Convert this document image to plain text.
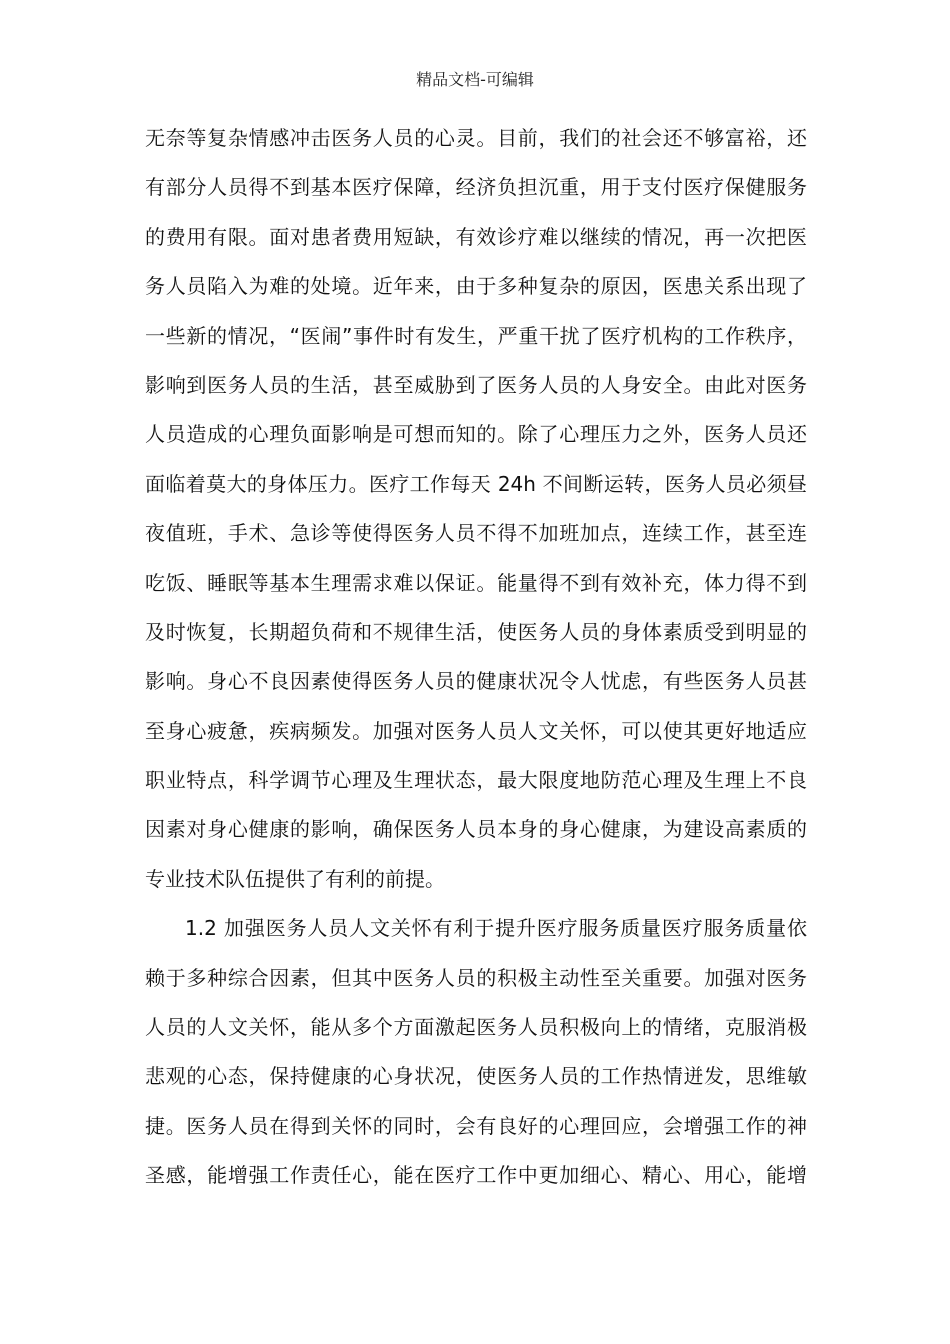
精品文档-可编辑
无奈等复杂情感冲击医务人员的心灵。目前，我们的社会还不够富裕，还
有部分人员得不到基本医疗保障，经济负担沉重，用于支付医疗保健服务
的费用有限。面对患者费用短缺，有效诊疗难以继续的情况，再一次把医
务人员陷入为难的处境。近年来，由于多种复杂的原因，医患关系出现了
一些新的情况，“医闹”事件时有发生，严重干扰了医疗机构的工作秩序，
影响到医务人员的生活，甚至威胁到了医务人员的人身安全。由此对医务
人员造成的心理负面影响是可想而知的。除了心理压力之外，医务人员还
面临着莫大的身体压力。医疗工作每天 24h 不间断运转，医务人员必须昼
夜值班，手术、急诊等使得医务人员不得不加班加点，连续工作，甚至连
吃饭、睡眠等基本生理需求难以保证。能量得不到有效补充，体力得不到
及时恢复，长期超负荷和不规律生活，使医务人员的身体素质受到明显的
影响。身心不良因素使得医务人员的健康状况令人忧虑，有些医务人员甚
至身心疲惫，疾病频发。加强对医务人员人文关怀，可以使其更好地适应
职业特点，科学调节心理及生理状态，最大限度地防范心理及生理上不良
因素对身心健康的影响，确保医务人员本身的身心健康，为建设高素质的
专业技术队伍提供了有利的前提。
1.2 加强医务人员人文关怀有利于提升医疗服务质量医疗服务质量依
赖于多种综合因素，但其中医务人员的积极主动性至关重要。加强对医务
人员的人文关怀，能从多个方面激起医务人员积极向上的情绪，克服消极
悲观的心态，保持健康的心身状况，使医务人员的工作热情迸发，思维敏
捷。医务人员在得到关怀的同时，会有良好的心理回应，会增强工作的神
圣感，能增强工作责任心，能在医疗工作中更加细心、精心、用心，能增
